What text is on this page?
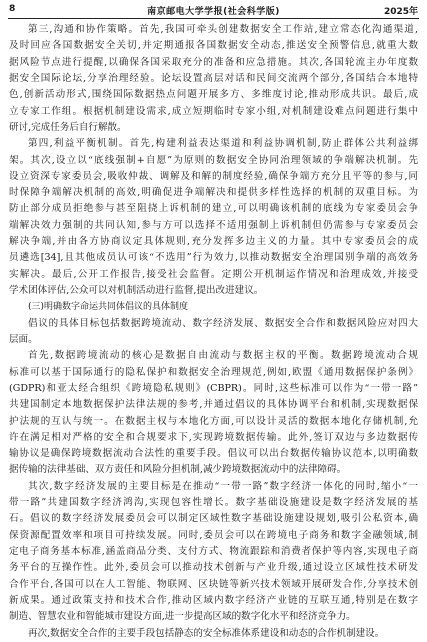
8	南京邮电大学学报(社会科学版)	2025年
第三,沟通和协作策略。首先,我国可牵头创建数据安全工作站,建立常态化沟通渠道,
及时回应各国数据安全关切,并定期通报各国数据安全动态,推送安全预警信息,就重大数
据风险节点进行提醒,以确保各国采取充分的准备和应急措施。其次,各国轮流主办年度数
据安全国际论坛,分享治理经验。论坛设置高层对话和民间交流两个部分,各国结合本地特
色,创新活动形式,围绕国际数据热点问题开展多方、多维度讨论,推动形成共识。最后,成
立专家工作组。根据机制建设需求,成立短期临时专家小组,对机制建设难点问题进行集中
研讨,完成任务后自行解散。
第四,利益平衡机制。首先,构建利益表达渠道和利益协调机制,防止群体公共利益绑
架。其次,设立以“底线强制+自愿”为原则的数据安全协同治理领域的争端解决机制。先
设立资深专家委员会,吸收仲裁、调解及和解的制度经验,确保争端方充分且平等的参与,同
时保障争端解决机制的高效,明确促进争端解决和提供多样性选择的机制的双重目标。为
防止部分成员拒绝参与甚至阻挠上诉机制的建立,可以明确该机制的底线为专家委员会争
端解决效力强制的共同认知,参与方可以选择不适用强制上诉机制但仍需参与专家委员会
解决争端,并由各方协商议定具体规则,充分发挥多边主义的力量。其中专家委员会的成
员遴选[34],且其他成员认可该“不选用”行为效力,以推动数据安全治理国别争端的高效务
实解决。最后,公开工作报告,接受社会监督。定期公开机制运作情况和治理成效,并接受
学术团体评估,公众可以对机制活动进行监督,提出改进建议。
(三)明确数字命运共同体倡议的具体制度
倡议的具体目标包括数据跨境流动、数字经济发展、数据安全合作和数据风险应对四大
层面。
首先,数据跨境流动的核心是数据自由流动与数据主权的平衡。数据跨境流动合规
标准可以基于国际通行的隐私保护和数据安全治理规范,例如,欧盟《通用数据保护条例》
(GDPR)和亚太经合组织《跨境隐私规则》(CBPR)。同时,这些标准可以作为“一带一路”
共建国制定本地数据保护法律法规的参考,并通过倡议的具体协调平台和机制,实现数据保
护法规的互认与统一。在数据主权与本地化方面,可以设计灵活的数据本地化存储机制,允
许在满足相对严格的安全和合规要求下,实现跨境数据传输。此外,签订双边与多边数据传
输协议是确保跨境数据流动合法性的重要手段。倡议可以出台数据传输协议范本,以明确数
据传输的法律基础、双方责任和风险分担机制,减少跨境数据流动中的法律障碍。
其次,数字经济发展的主要目标是在推动“一带一路”数字经济一体化的同时,缩小“一
带一路”共建国数字经济鸿沟,实现包容性增长。数字基础设施建设是数字经济发展的基
石。倡议的数字经济发展委员会可以制定区域性数字基础设施建设规划,吸引公私资本,确
保资源配置效率和项目可持续发展。同时,委员会可以在跨境电子商务和数字金融领域,制
定电子商务基本标准,涵盖商品分类、支付方式、物流跟踪和消费者保护等内容,实现电子商
务平台的互操作性。此外,委员会可以推动技术创新与产业升级,通过设立区域性技术研发
合作平台,各国可以在人工智能、物联网、区块链等新兴技术领域开展研发合作,分享技术创
新成果。通过政策支持和技术合作,推动区域内数字经济产业链的互联互通,特别是在数字
制造、智慧农业和智能城市建设方面,进一步提高区域的数字化水平和经济竞争力。
再次,数据安全合作的主要手段包括静态的安全标准体系建设和动态的合作机制建设。
